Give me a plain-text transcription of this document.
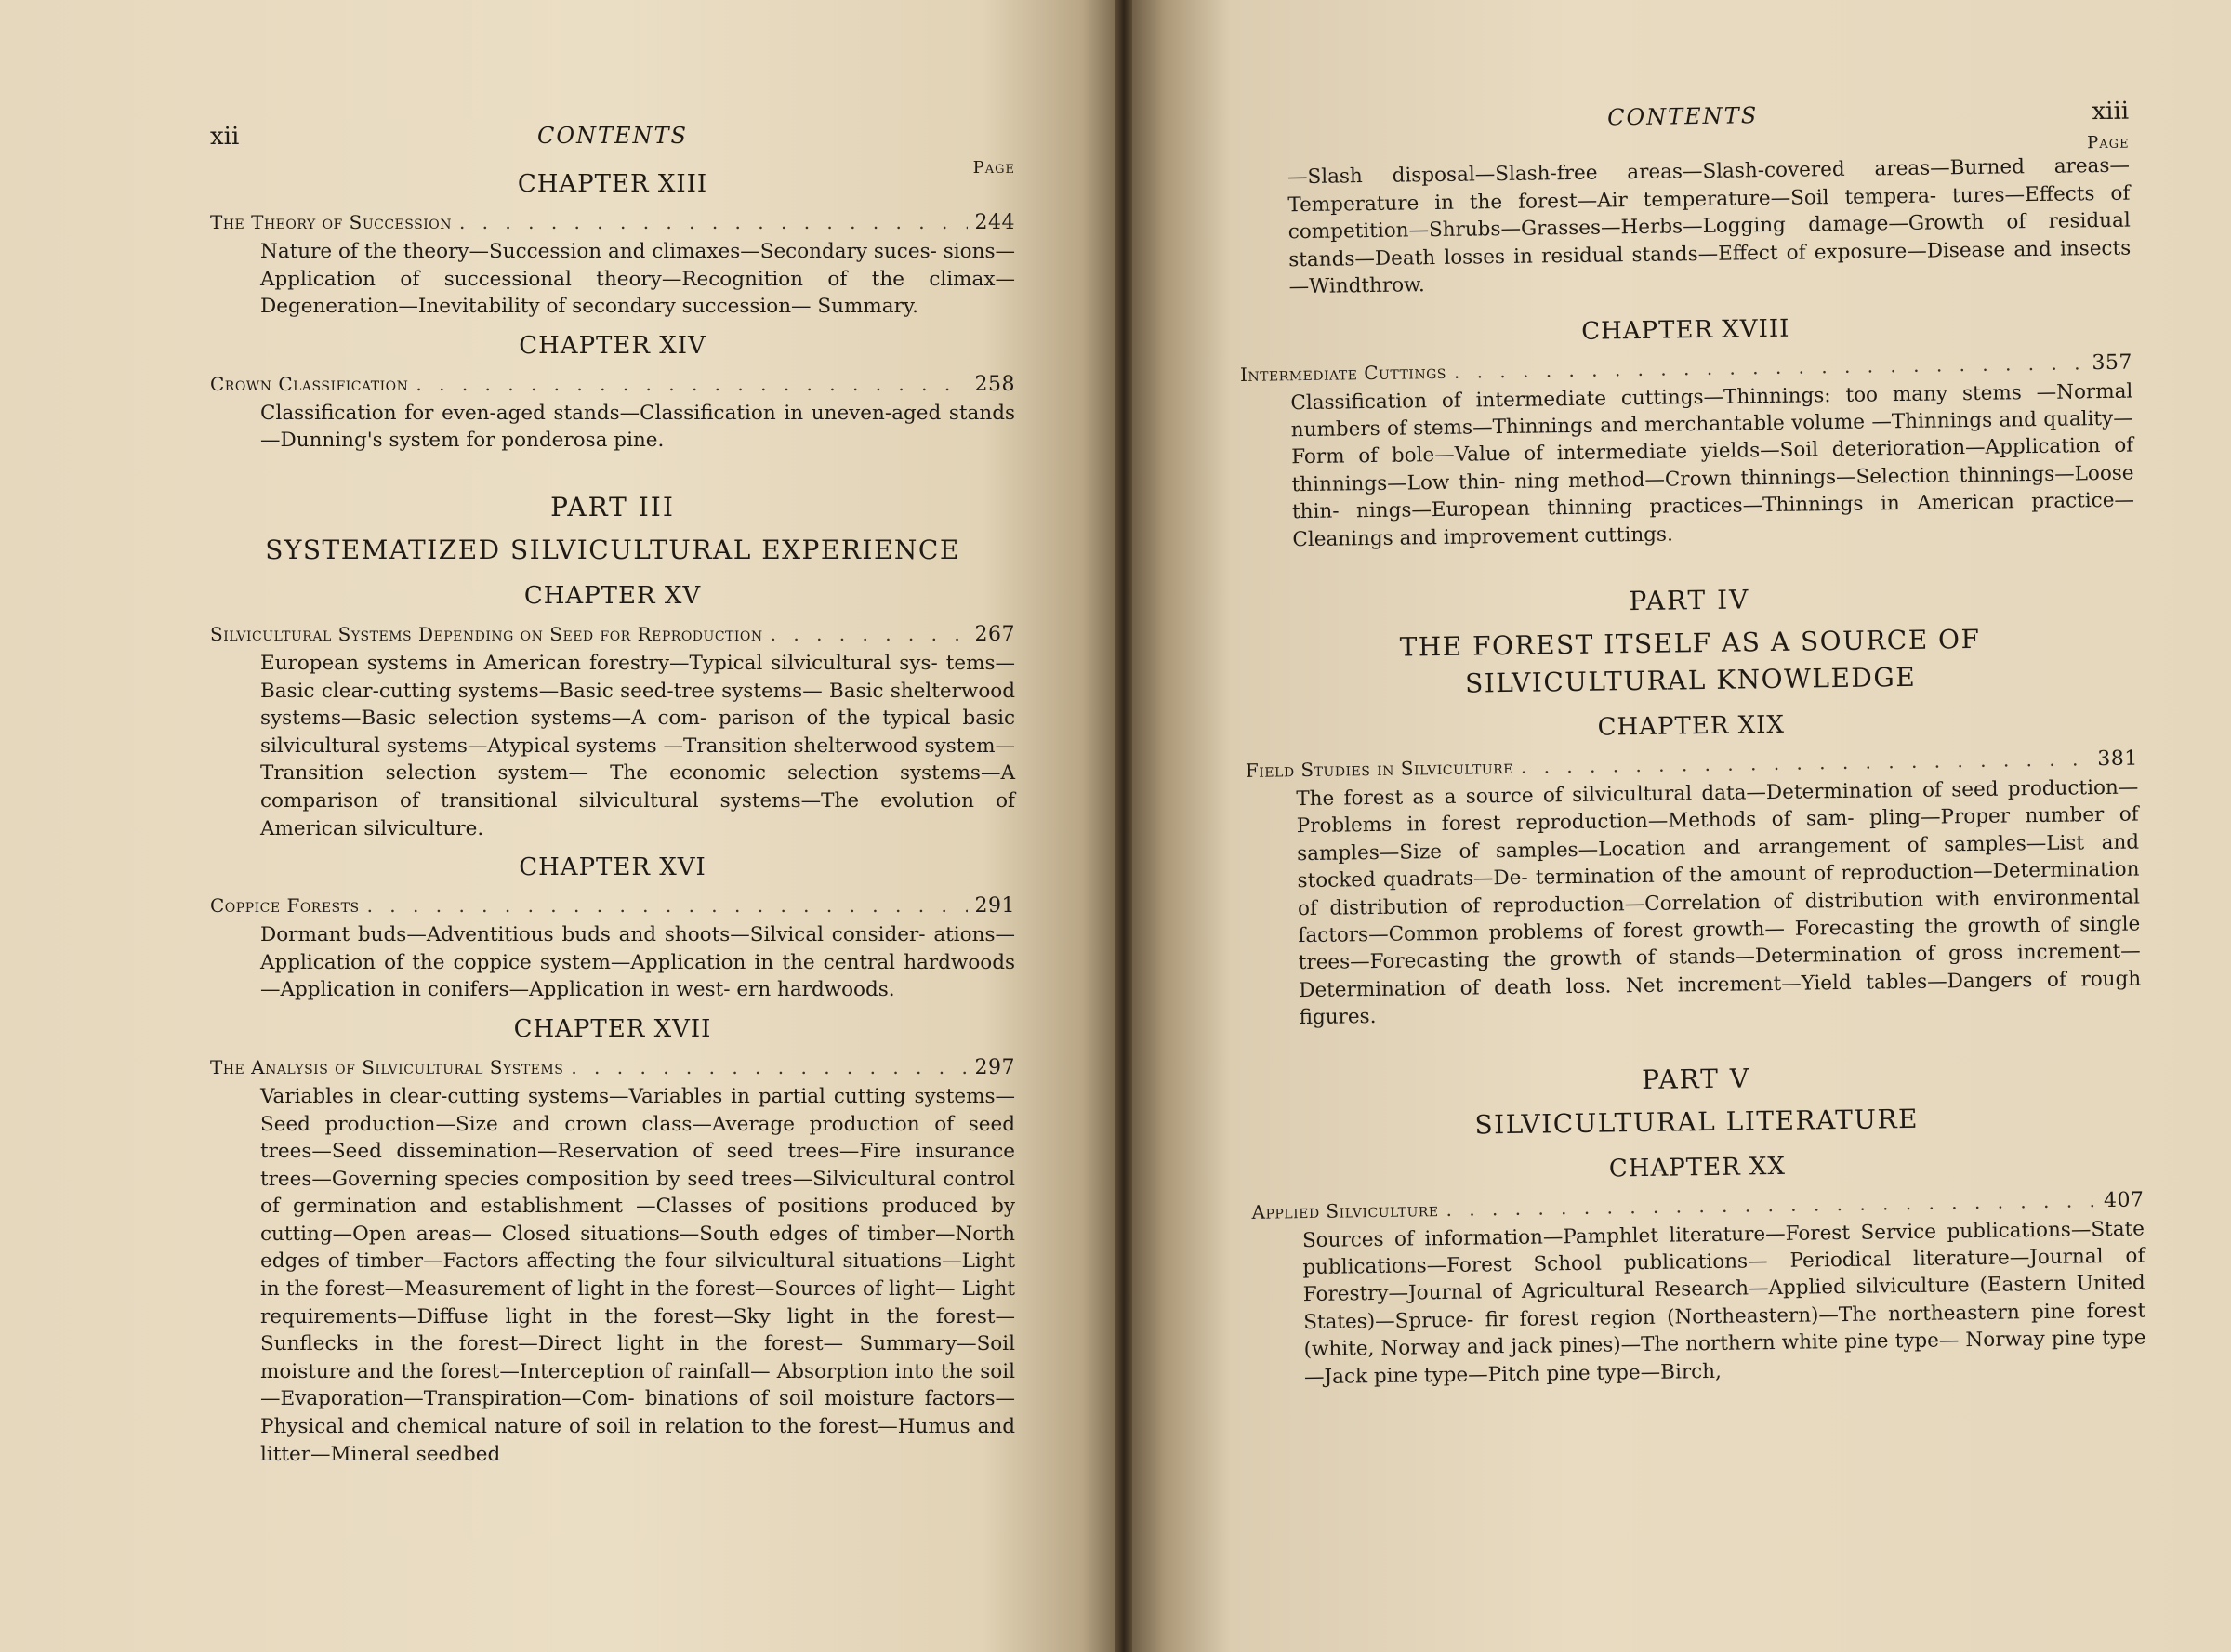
xii	CONTENTS
Page
CHAPTER XIII
The Theory of Succession . . .	244
Nature of the theory—Succession and climaxes—Secondary suces- sions—Application of successional theory—Recognition of the climax—Degeneration—Inevitability of secondary succession— Summary.
CHAPTER XIV
Crown Classification . . .	258
Classification for even-aged stands—Classification in uneven-aged stands—Dunning's system for ponderosa pine.
PART III
SYSTEMATIZED SILVICULTURAL EXPERIENCE
CHAPTER XV
Silvicultural Systems Depending on Seed for Reproduction . . .	267
European systems in American forestry—Typical silvicultural sys- tems—Basic clear-cutting systems—Basic seed-tree systems— Basic shelterwood systems—Basic selection systems—A com- parison of the typical basic silvicultural systems—Atypical systems —Transition shelterwood system—Transition selection system— The economic selection systems—A comparison of transitional silvicultural systems—The evolution of American silviculture.
CHAPTER XVI
Coppice Forests . . .	291
Dormant buds—Adventitious buds and shoots—Silvical consider- ations—Application of the coppice system—Application in the central hardwoods—Application in conifers—Application in west- ern hardwoods.
CHAPTER XVII
The Analysis of Silvicultural Systems . . .	297
Variables in clear-cutting systems—Variables in partial cutting systems—Seed production—Size and crown class—Average production of seed trees—Seed dissemination—Reservation of seed trees—Fire insurance trees—Governing species composition by seed trees—Silvicultural control of germination and establishment —Classes of positions produced by cutting—Open areas— Closed situations—South edges of timber—North edges of timber—Factors affecting the four silvicultural situations—Light in the forest—Measurement of light in the forest—Sources of light— Light requirements—Diffuse light in the forest—Sky light in the forest—Sunflecks in the forest—Direct light in the forest— Summary—Soil moisture and the forest—Interception of rainfall— Absorption into the soil—Evaporation—Transpiration—Com- binations of soil moisture factors—Physical and chemical nature of soil in relation to the forest—Humus and litter—Mineral seedbed
CONTENTS	xiii
Page
—Slash disposal—Slash-free areas—Slash-covered areas—Burned areas—Temperature in the forest—Air temperature—Soil tempera- tures—Effects of competition—Shrubs—Grasses—Herbs—Logging damage—Growth of residual stands—Death losses in residual stands—Effect of exposure—Disease and insects—Windthrow.
CHAPTER XVIII
Intermediate Cuttings . . .	357
Classification of intermediate cuttings—Thinnings: too many stems —Normal numbers of stems—Thinnings and merchantable volume —Thinnings and quality—Form of bole—Value of intermediate yields—Soil deterioration—Application of thinnings—Low thin- ning method—Crown thinnings—Selection thinnings—Loose thin- nings—European thinning practices—Thinnings in American practice—Cleanings and improvement cuttings.
PART IV
THE FOREST ITSELF AS A SOURCE OF
SILVICULTURAL KNOWLEDGE
CHAPTER XIX
Field Studies in Silviculture . . .	381
The forest as a source of silvicultural data—Determination of seed production—Problems in forest reproduction—Methods of sam- pling—Proper number of samples—Size of samples—Location and arrangement of samples—List and stocked quadrats—De- termination of the amount of reproduction—Determination of distribution of reproduction—Correlation of distribution with environmental factors—Common problems of forest growth— Forecasting the growth of single trees—Forecasting the growth of stands—Determination of gross increment—Determination of death loss. Net increment—Yield tables—Dangers of rough figures.
PART V
SILVICULTURAL LITERATURE
CHAPTER XX
Applied Silviculture . . .	407
Sources of information—Pamphlet literature—Forest Service publications—State publications—Forest School publications— Periodical literature—Journal of Forestry—Journal of Agricultural Research—Applied silviculture (Eastern United States)—Spruce- fir forest region (Northeastern)—The northeastern pine forest (white, Norway and jack pines)—The northern white pine type— Norway pine type—Jack pine type—Pitch pine type—Birch,
